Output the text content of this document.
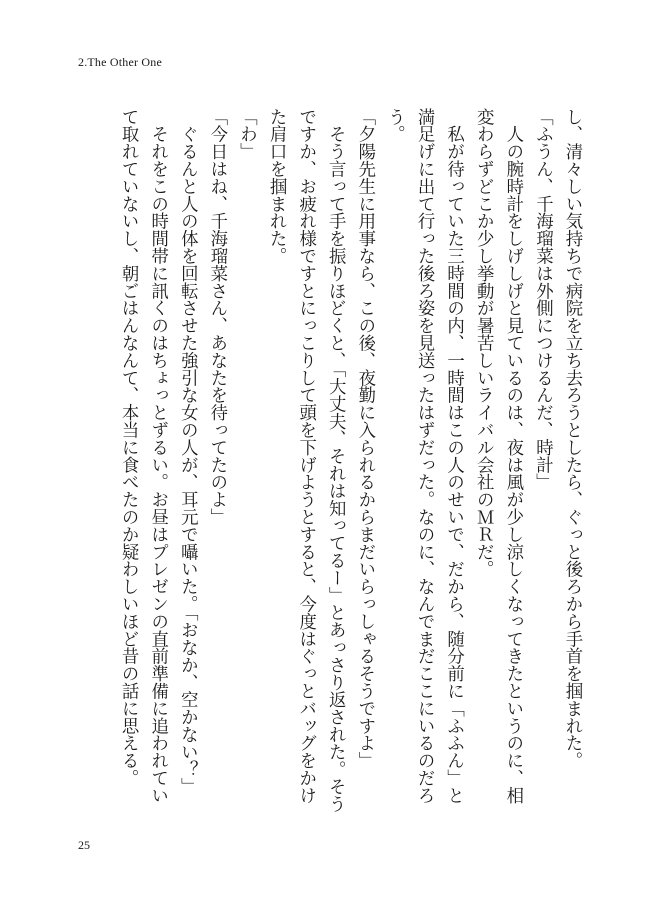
2.The Other One

し、清々しい気持ちで病院を立ち去ろうとしたら、ぐっと後ろから手首を掴まれた。

「ふうん、千海瑠菜は外側につけるんだ、時計」

　人の腕時計をしげしげと見ているのは、夜は風が少し涼しくなってきたというのに、相変わらずどこか少し挙動が暑苦しいライバル会社のＭＲだ。

　私が待っていた三時間の内、一時間はこの人のせいで、だから、随分前に「ふふん」と満足げに出て行った後ろ姿を見送ったはずだった。なのに、なんでまだここにいるのだろう。

「夕陽先生に用事なら、この後、夜勤に入られるからまだいらっしゃるそうですよ」

　そう言って手を振りほどくと、「大丈夫、それは知ってるー」とあっさり返された。そうですか、お疲れ様ですとにっこりして頭を下げようとすると、今度はぐっとバッグをかけた肩口を掴まれた。

「わ」

「今日はね、千海瑠菜さん、あなたを待ってたのよ」

　ぐるんと人の体を回転させた強引な女の人が、耳元で囁いた。「おなか、空かない？」

　それをこの時間帯に訊くのはちょっとずるい。お昼はプレゼンの直前準備に追われていて取れていないし、朝ごはんなんて、本当に食べたのか疑わしいほど昔の話に思える。

25
